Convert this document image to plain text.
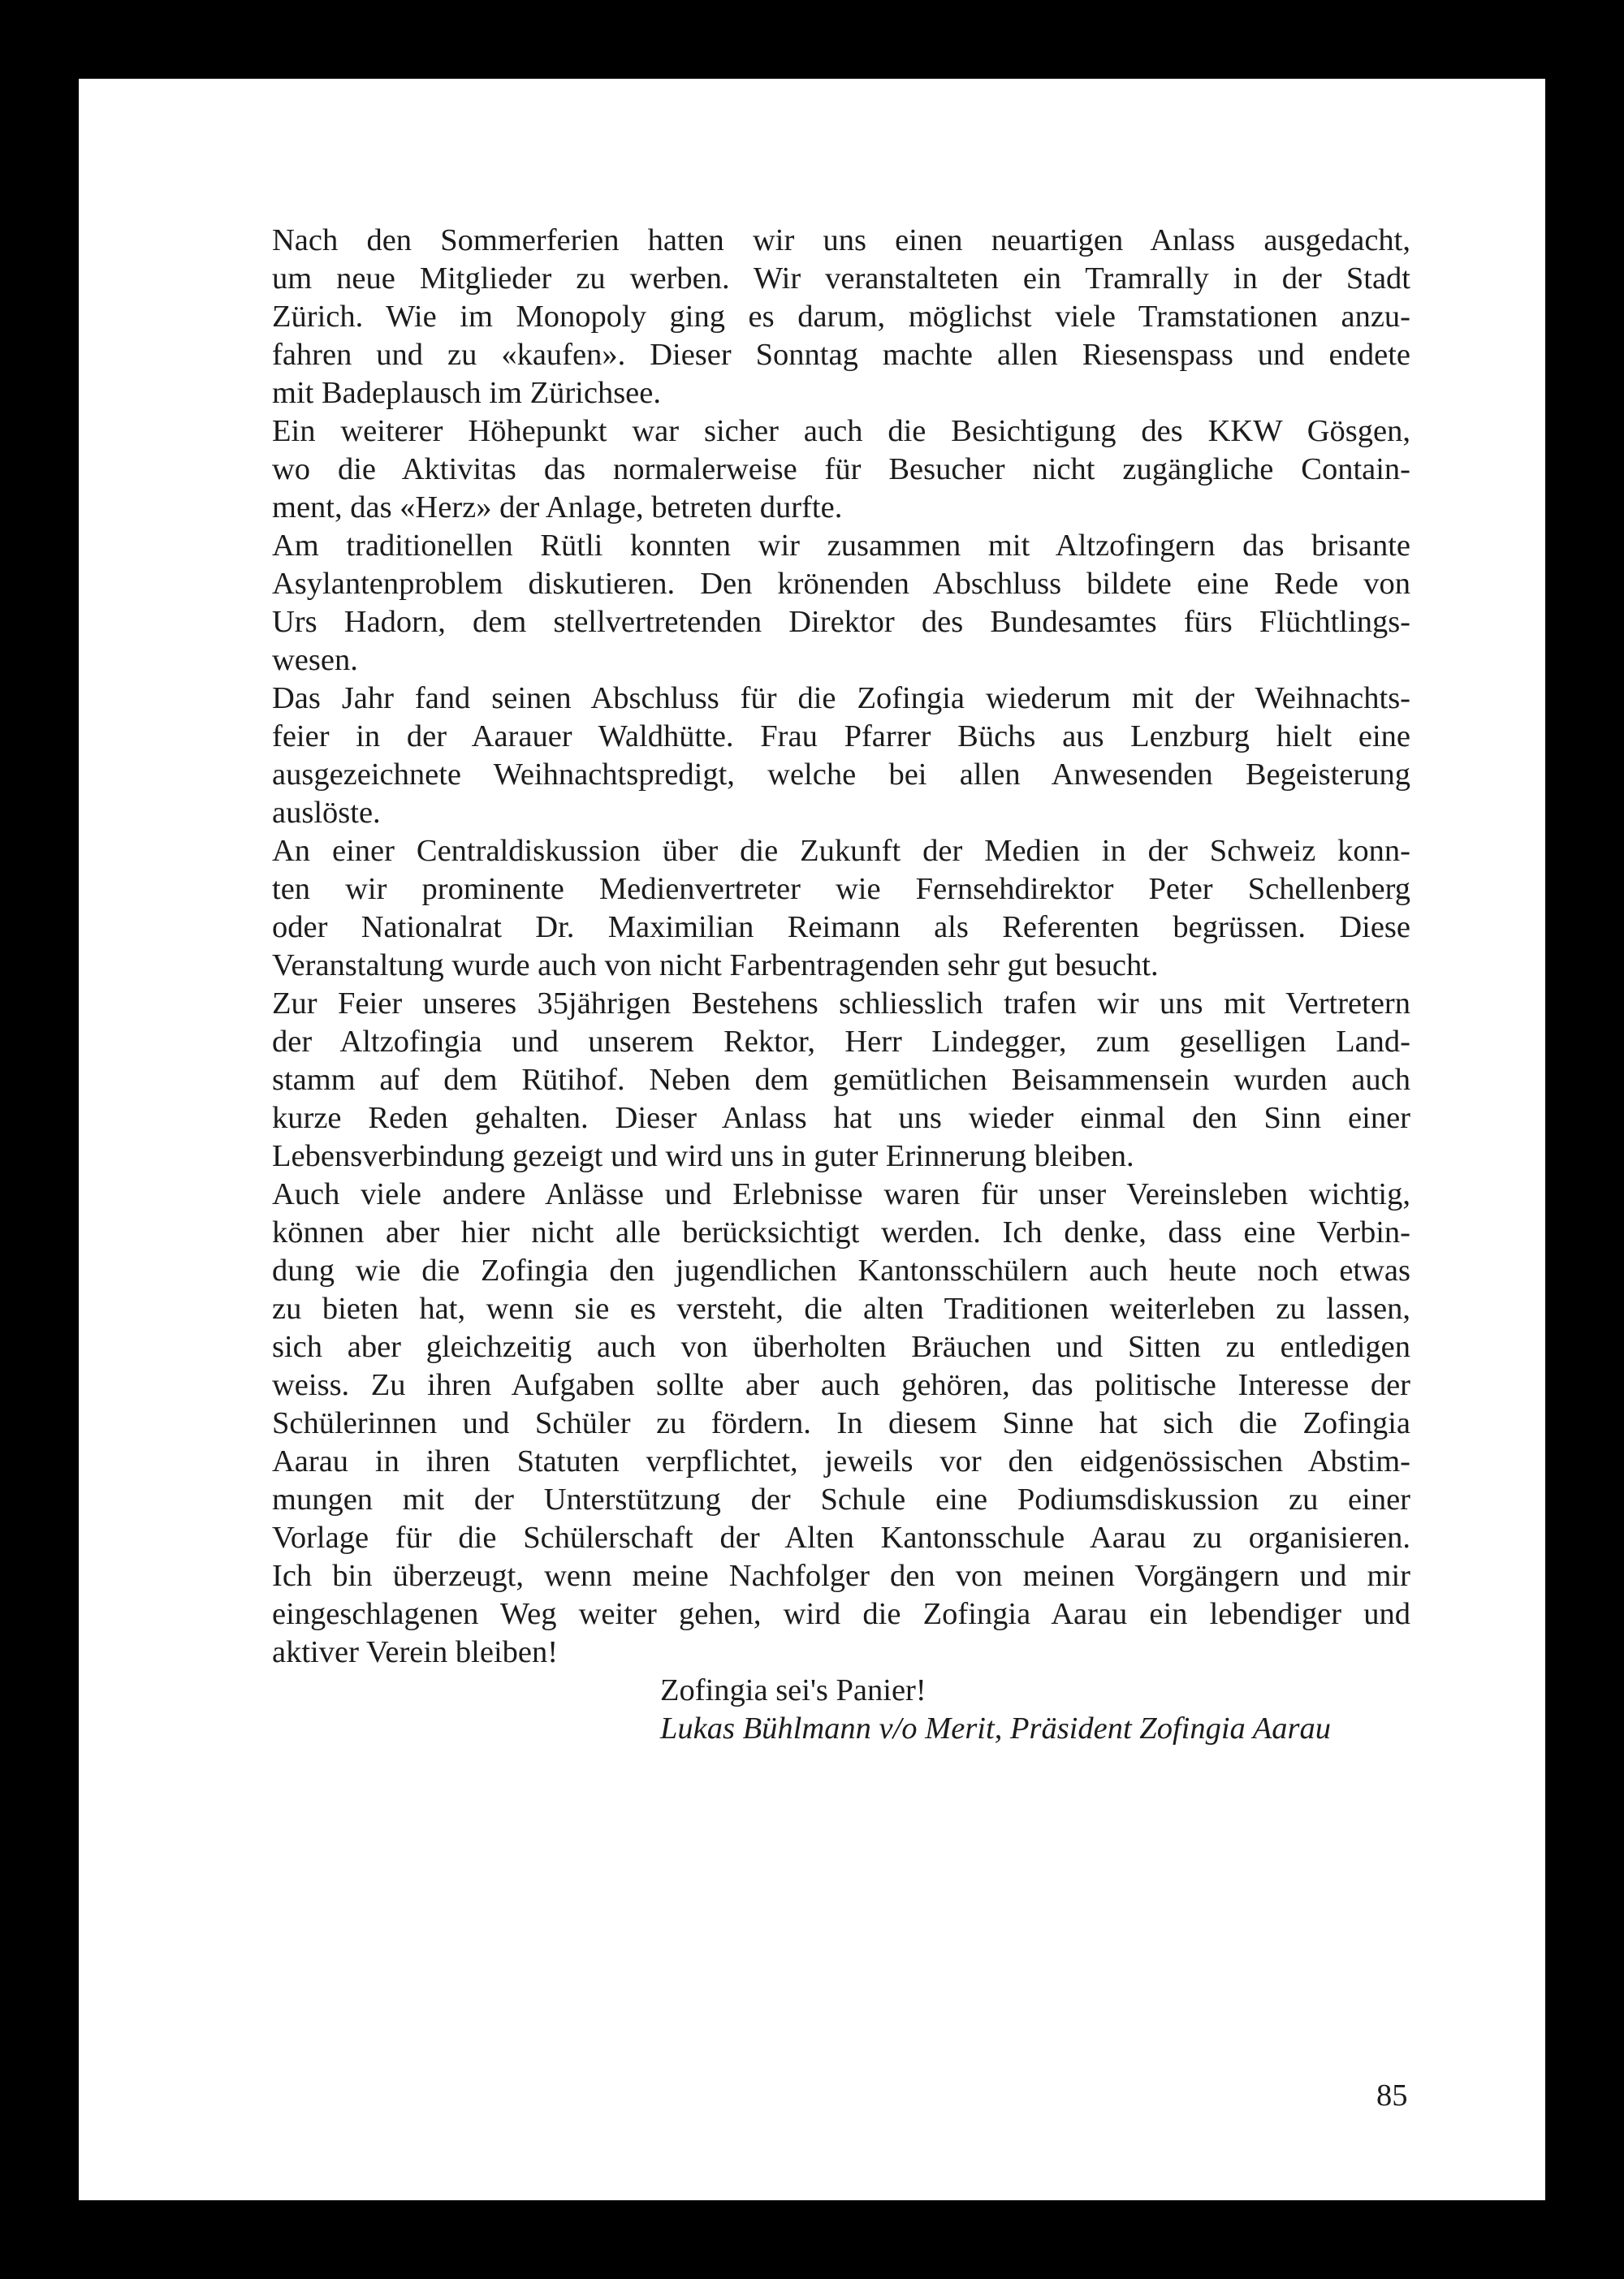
Nach den Sommerferien hatten wir uns einen neuartigen Anlass ausgedacht,
um neue Mitglieder zu werben. Wir veranstalteten ein Tramrally in der Stadt
Zürich. Wie im Monopoly ging es darum, möglichst viele Tramstationen anzu-
fahren und zu «kaufen». Dieser Sonntag machte allen Riesenspass und endete
mit Badeplausch im Zürichsee.
Ein weiterer Höhepunkt war sicher auch die Besichtigung des KKW Gösgen,
wo die Aktivitas das normalerweise für Besucher nicht zugängliche Contain-
ment, das «Herz» der Anlage, betreten durfte.
Am traditionellen Rütli konnten wir zusammen mit Altzofingern das brisante
Asylantenproblem diskutieren. Den krönenden Abschluss bildete eine Rede von
Urs Hadorn, dem stellvertretenden Direktor des Bundesamtes fürs Flüchtlings-
wesen.
Das Jahr fand seinen Abschluss für die Zofingia wiederum mit der Weihnachts-
feier in der Aarauer Waldhütte. Frau Pfarrer Büchs aus Lenzburg hielt eine
ausgezeichnete Weihnachtspredigt, welche bei allen Anwesenden Begeisterung
auslöste.
An einer Centraldiskussion über die Zukunft der Medien in der Schweiz konn-
ten wir prominente Medienvertreter wie Fernsehdirektor Peter Schellenberg
oder Nationalrat Dr. Maximilian Reimann als Referenten begrüssen. Diese
Veranstaltung wurde auch von nicht Farbentragenden sehr gut besucht.
Zur Feier unseres 35jährigen Bestehens schliesslich trafen wir uns mit Vertretern
der Altzofingia und unserem Rektor, Herr Lindegger, zum geselligen Land-
stamm auf dem Rütihof. Neben dem gemütlichen Beisammensein wurden auch
kurze Reden gehalten. Dieser Anlass hat uns wieder einmal den Sinn einer
Lebensverbindung gezeigt und wird uns in guter Erinnerung bleiben.
Auch viele andere Anlässe und Erlebnisse waren für unser Vereinsleben wichtig,
können aber hier nicht alle berücksichtigt werden. Ich denke, dass eine Verbin-
dung wie die Zofingia den jugendlichen Kantonsschülern auch heute noch etwas
zu bieten hat, wenn sie es versteht, die alten Traditionen weiterleben zu lassen,
sich aber gleichzeitig auch von überholten Bräuchen und Sitten zu entledigen
weiss. Zu ihren Aufgaben sollte aber auch gehören, das politische Interesse der
Schülerinnen und Schüler zu fördern. In diesem Sinne hat sich die Zofingia
Aarau in ihren Statuten verpflichtet, jeweils vor den eidgenössischen Abstim-
mungen mit der Unterstützung der Schule eine Podiumsdiskussion zu einer
Vorlage für die Schülerschaft der Alten Kantonsschule Aarau zu organisieren.
Ich bin überzeugt, wenn meine Nachfolger den von meinen Vorgängern und mir
eingeschlagenen Weg weiter gehen, wird die Zofingia Aarau ein lebendiger und
aktiver Verein bleiben!
Zofingia sei's Panier!
Lukas Bühlmann v/o Merit, Präsident Zofingia Aarau
85
